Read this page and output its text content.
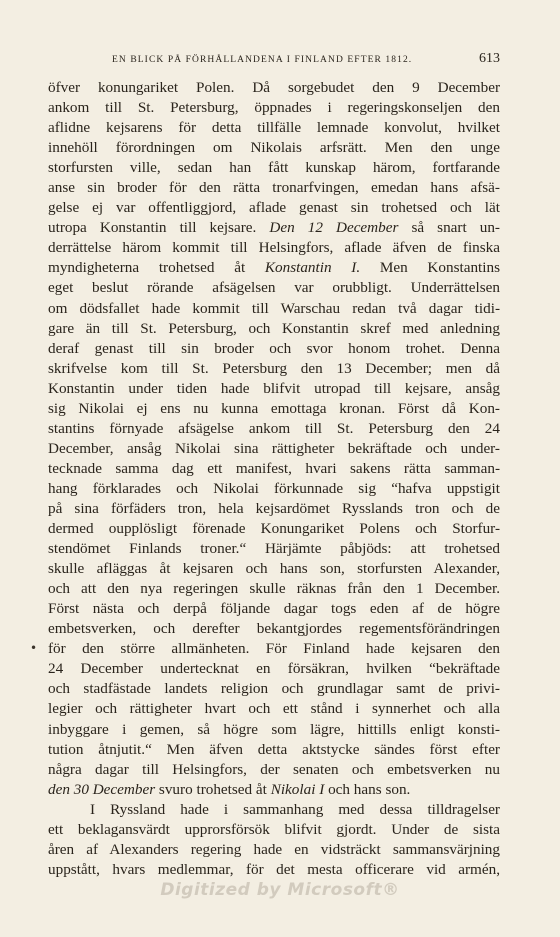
EN BLICK PÅ FÖRHÅLLANDENA I FINLAND EFTER 1812.	613
öfver konungariket Polen. Då sorgebudet den 9 December
ankom till St. Petersburg, öppnades i regeringskonseljen den
aflidne kejsarens för detta tillfälle lemnade konvolut, hvilket
innehöll förordningen om Nikolais arfsrätt. Men den unge
storfursten ville, sedan han fått kunskap härom, fortfarande
anse sin broder för den rätta tronarfvingen, emedan hans afsä-
gelse ej var offentliggjord, aflade genast sin trohetsed och lät
utropa Konstantin till kejsare. Den 12 December så snart un-
derrättelse härom kommit till Helsingfors, aflade äfven de finska
myndigheterna trohetsed åt Konstantin I. Men Konstantins
eget beslut rörande afsägelsen var orubbligt. Underrättelsen
om dödsfallet hade kommit till Warschau redan två dagar tidi-
gare än till St. Petersburg, och Konstantin skref med anledning
deraf genast till sin broder och svor honom trohet. Denna
skrifvelse kom till St. Petersburg den 13 December; men då
Konstantin under tiden hade blifvit utropad till kejsare, ansåg
sig Nikolai ej ens nu kunna emottaga kronan. Först då Kon-
stantins förnyade afsägelse ankom till St. Petersburg den 24
December, ansåg Nikolai sina rättigheter bekräftade och under-
tecknade samma dag ett manifest, hvari sakens rätta samman-
hang förklarades och Nikolai förkunnade sig “hafva uppstigit
på sina förfäders tron, hela kejsardömet Rysslands tron och de
dermed oupplösligt förenade Konungariket Polens och Storfur-
stendömet Finlands troner.“ Härjämte påbjöds: att trohetsed
skulle afläggas åt kejsaren och hans son, storfursten Alexander,
och att den nya regeringen skulle räknas från den 1 December.
Först nästa och derpå följande dagar togs eden af de högre
embetsverken, och derefter bekantgjordes regementsförändringen
för den större allmänheten. För Finland hade kejsaren den
24 December undertecknat en försäkran, hvilken “bekräftade
och stadfästade landets religion och grundlagar samt de privi-
legier och rättigheter hvart och ett stånd i synnerhet och alla
inbyggare i gemen, så högre som lägre, hittills enligt konsti-
tution åtnjutit.“ Men äfven detta aktstycke sändes först efter
några dagar till Helsingfors, der senaten och embetsverken nu
den 30 December svuro trohetsed åt Nikolai I och hans son.
I Ryssland hade i sammanhang med dessa tilldragelser
ett beklagansvärdt upprorsförsök blifvit gjordt. Under de sista
åren af Alexanders regering hade en vidsträckt sammansvärjning
uppstått, hvars medlemmar, för det mesta officerare vid armén,
•
Digitized by Microsoft®
